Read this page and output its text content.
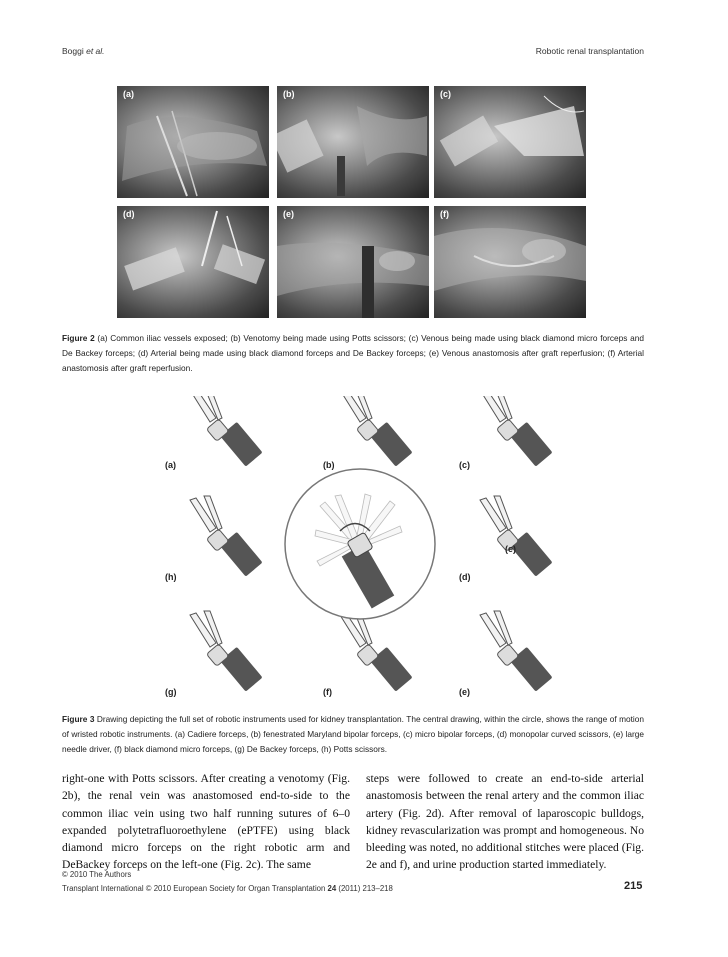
Boggi et al.	Robotic renal transplantation
(a)	(b)	(c)
(d)	(e)	(f)
Figure 2 (a) Common iliac vessels exposed; (b) Venotomy being made using Potts scissors; (c) Venous being made using black diamond micro forceps and De Backey forceps; (d) Arterial being made using black diamond forceps and De Backey forceps; (e) Venous anastomosis after graft reperfusion; (f) Arterial anastomosis after graft reperfusion.
(a)	(b)	(c)
(e)
(h)	(d)
(g)	(f)	(e)
Figure 3 Drawing depicting the full set of robotic instruments used for kidney transplantation. The central drawing, within the circle, shows the range of motion of wristed robotic instruments. (a) Cadiere forceps, (b) fenestrated Maryland bipolar forceps, (c) micro bipolar forceps, (d) monopolar curved scissors, (e) large needle driver, (f) black diamond micro forceps, (g) De Backey forceps, (h) Potts scissors.
right-one with Potts scissors. After creating a venotomy (Fig. 2b), the renal vein was anastomosed end-to-side to the common iliac vein using two half running sutures of 6–0 expanded polytetrafluoroethylene (ePTFE) using black diamond micro forceps on the right robotic arm and DeBackey forceps on the left-one (Fig. 2c). The same
steps were followed to create an end-to-side arterial anastomosis between the renal artery and the common iliac artery (Fig. 2d). After removal of laparoscopic bulldogs, kidney revascularization was prompt and homogeneous. No bleeding was noted, no additional stitches were placed (Fig. 2e and f), and urine production started immediately.
© 2010 The Authors
Transplant International © 2010 European Society for Organ Transplantation 24 (2011) 213–218	215
